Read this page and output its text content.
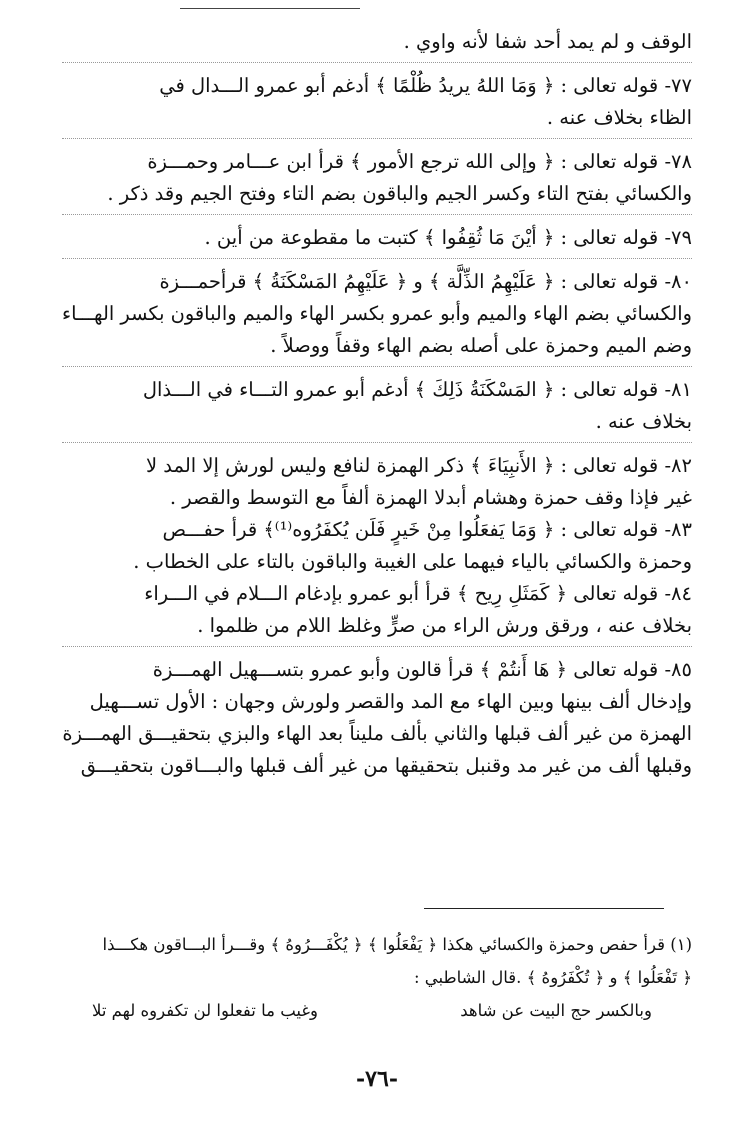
الوقف و لم يمد أحد شفا لأنه واوي .
٧٧- قوله تعالى : ﴿ وَمَا اللهُ يريدُ ظُلْمًا ﴾ أدغم أبو عمرو الـــدال في
الظاء بخلاف عنه .
٧٨- قوله تعالى : ﴿ وإلى الله ترجع الأمور ﴾ قرأ ابن عـــامر وحمـــزة
والكسائي بفتح التاء وكسر الجيم والباقون بضم التاء وفتح الجيم وقد ذكر .
٧٩- قوله تعالى : ﴿ أيْنَ مَا ثُقِفُوا ﴾ كتبت ما مقطوعة من أين .
٨٠- قوله تعالى : ﴿ عَلَيْهِمُ الذِّلَّة ﴾ و ﴿ عَلَيْهِمُ المَسْكَنَةُ ﴾ قرأحمـــزة
والكسائي بضم الهاء والميم وأبو عمرو بكسر الهاء والميم والباقون بكسر الهـــاء
وضم الميم وحمزة على أصله بضم الهاء وقفاً ووصلاً .
٨١- قوله تعالى : ﴿ المَسْكَنَةُ ذَلِكَ ﴾ أدغم أبو عمرو التـــاء في الـــذال
بخلاف عنه .
٨٢- قوله تعالى : ﴿ الأَنبِيَاءَ ﴾ ذكر الهمزة لنافع وليس لورش إلا المد لا
غير فإذا وقف حمزة وهشام أبدلا الهمزة ألفاً مع التوسط والقصر .
٨٣- قوله تعالى : ﴿ وَمَا يَفعَلُوا مِنْ خَيرٍ فَلَن يُكفَرُوه⁽¹⁾﴾ قرأ حفـــص
وحمزة والكسائي بالياء فيهما على الغيبة والباقون بالتاء على الخطاب .
٨٤- قوله تعالى ﴿ كَمَثَلِ رِيح ﴾ قرأ أبو عمرو بإدغام الـــلام في الـــراء
بخلاف عنه ، ورقق ورش الراء من صرٍّ وغلظ اللام من ظلموا .
٨٥- قوله تعالى ﴿ هَا أَنتُمْ ﴾ قرأ قالون وأبو عمرو بتســـهيل الهمـــزة
وإدخال ألف بينها وبين الهاء مع المد والقصر ولورش وجهان : الأول تســـهيل
الهمزة من غير ألف قبلها والثاني بألف مليناً بعد الهاء والبزي بتحقيـــق الهمـــزة
وقبلها ألف من غير مد وقنبل بتحقيقها من غير ألف قبلها والبـــاقون بتحقيـــق
(١) قرأ حفص وحمزة والكسائي هكذا ﴿ يَفْعَلُوا ﴾ ﴿ يُكْفَـــرُوهُ ﴾ وقـــرأ البـــاقون هكـــذا
﴿ تَفْعَلُوا ﴾ و ﴿ تُكْفَرُوهُ ﴾ .قال الشاطبي :
وبالكسر حج البيت عن شاهد
وغيب ما تفعلوا لن تكفروه لهم تلا
-٧٦-
